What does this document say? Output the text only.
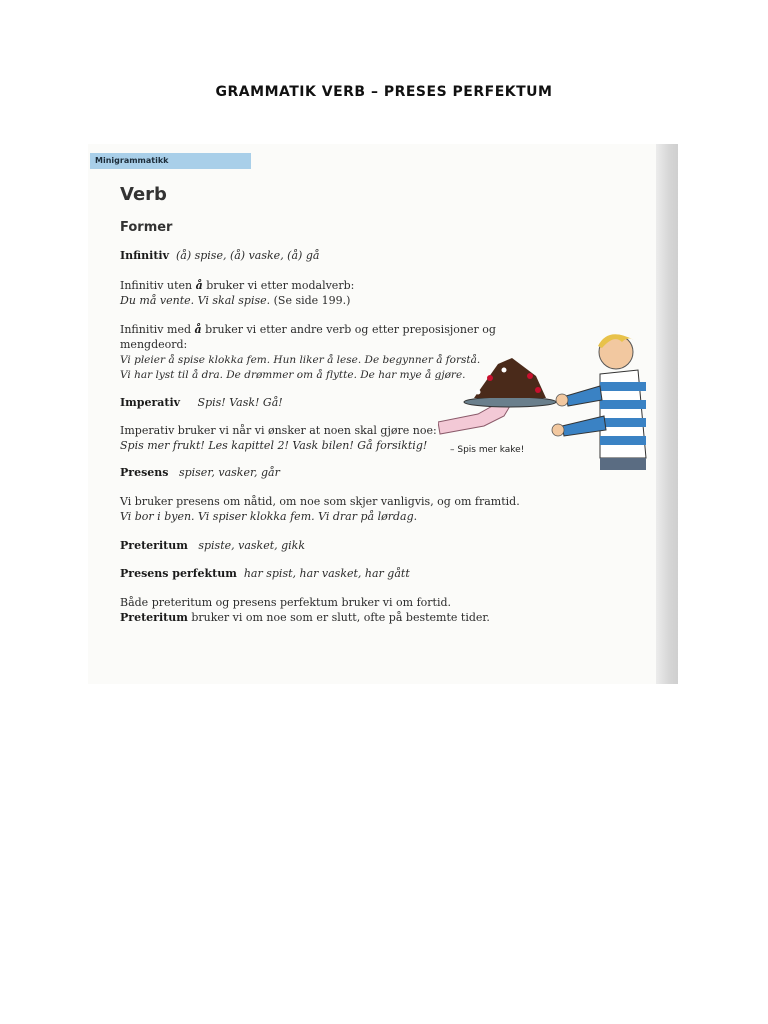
GRAMMATIK VERB – PRESES PERFEKTUM
Minigrammatikk
Verb
Former
Infinitiv (å) spise, (å) vaske, (å) gå
Infinitiv uten å bruker vi etter modalverb:
Du må vente. Vi skal spise. (Se side 199.)
Infinitiv med å bruker vi etter andre verb og etter preposisjoner og
mengdeord:
Vi pleier å spise klokka fem. Hun liker å lese. De begynner å forstå.
Vi har lyst til å dra. De drømmer om å flytte. De har mye å gjøre.
Imperativ Spis! Vask! Gå!
Imperativ bruker vi når vi ønsker at noen skal gjøre noe:
Spis mer frukt! Les kapittel 2! Vask bilen! Gå forsiktig!
Presens spiser, vasker, går
Vi bruker presens om nåtid, om noe som skjer vanligvis, og om framtid.
Vi bor i byen. Vi spiser klokka fem. Vi drar på lørdag.
Preteritum spiste, vasket, gikk
Presens perfektum har spist, har vasket, har gått
Både preteritum og presens perfektum bruker vi om fortid.
Preteritum bruker vi om noe som er slutt, ofte på bestemte tider.
– Spis mer kake!
